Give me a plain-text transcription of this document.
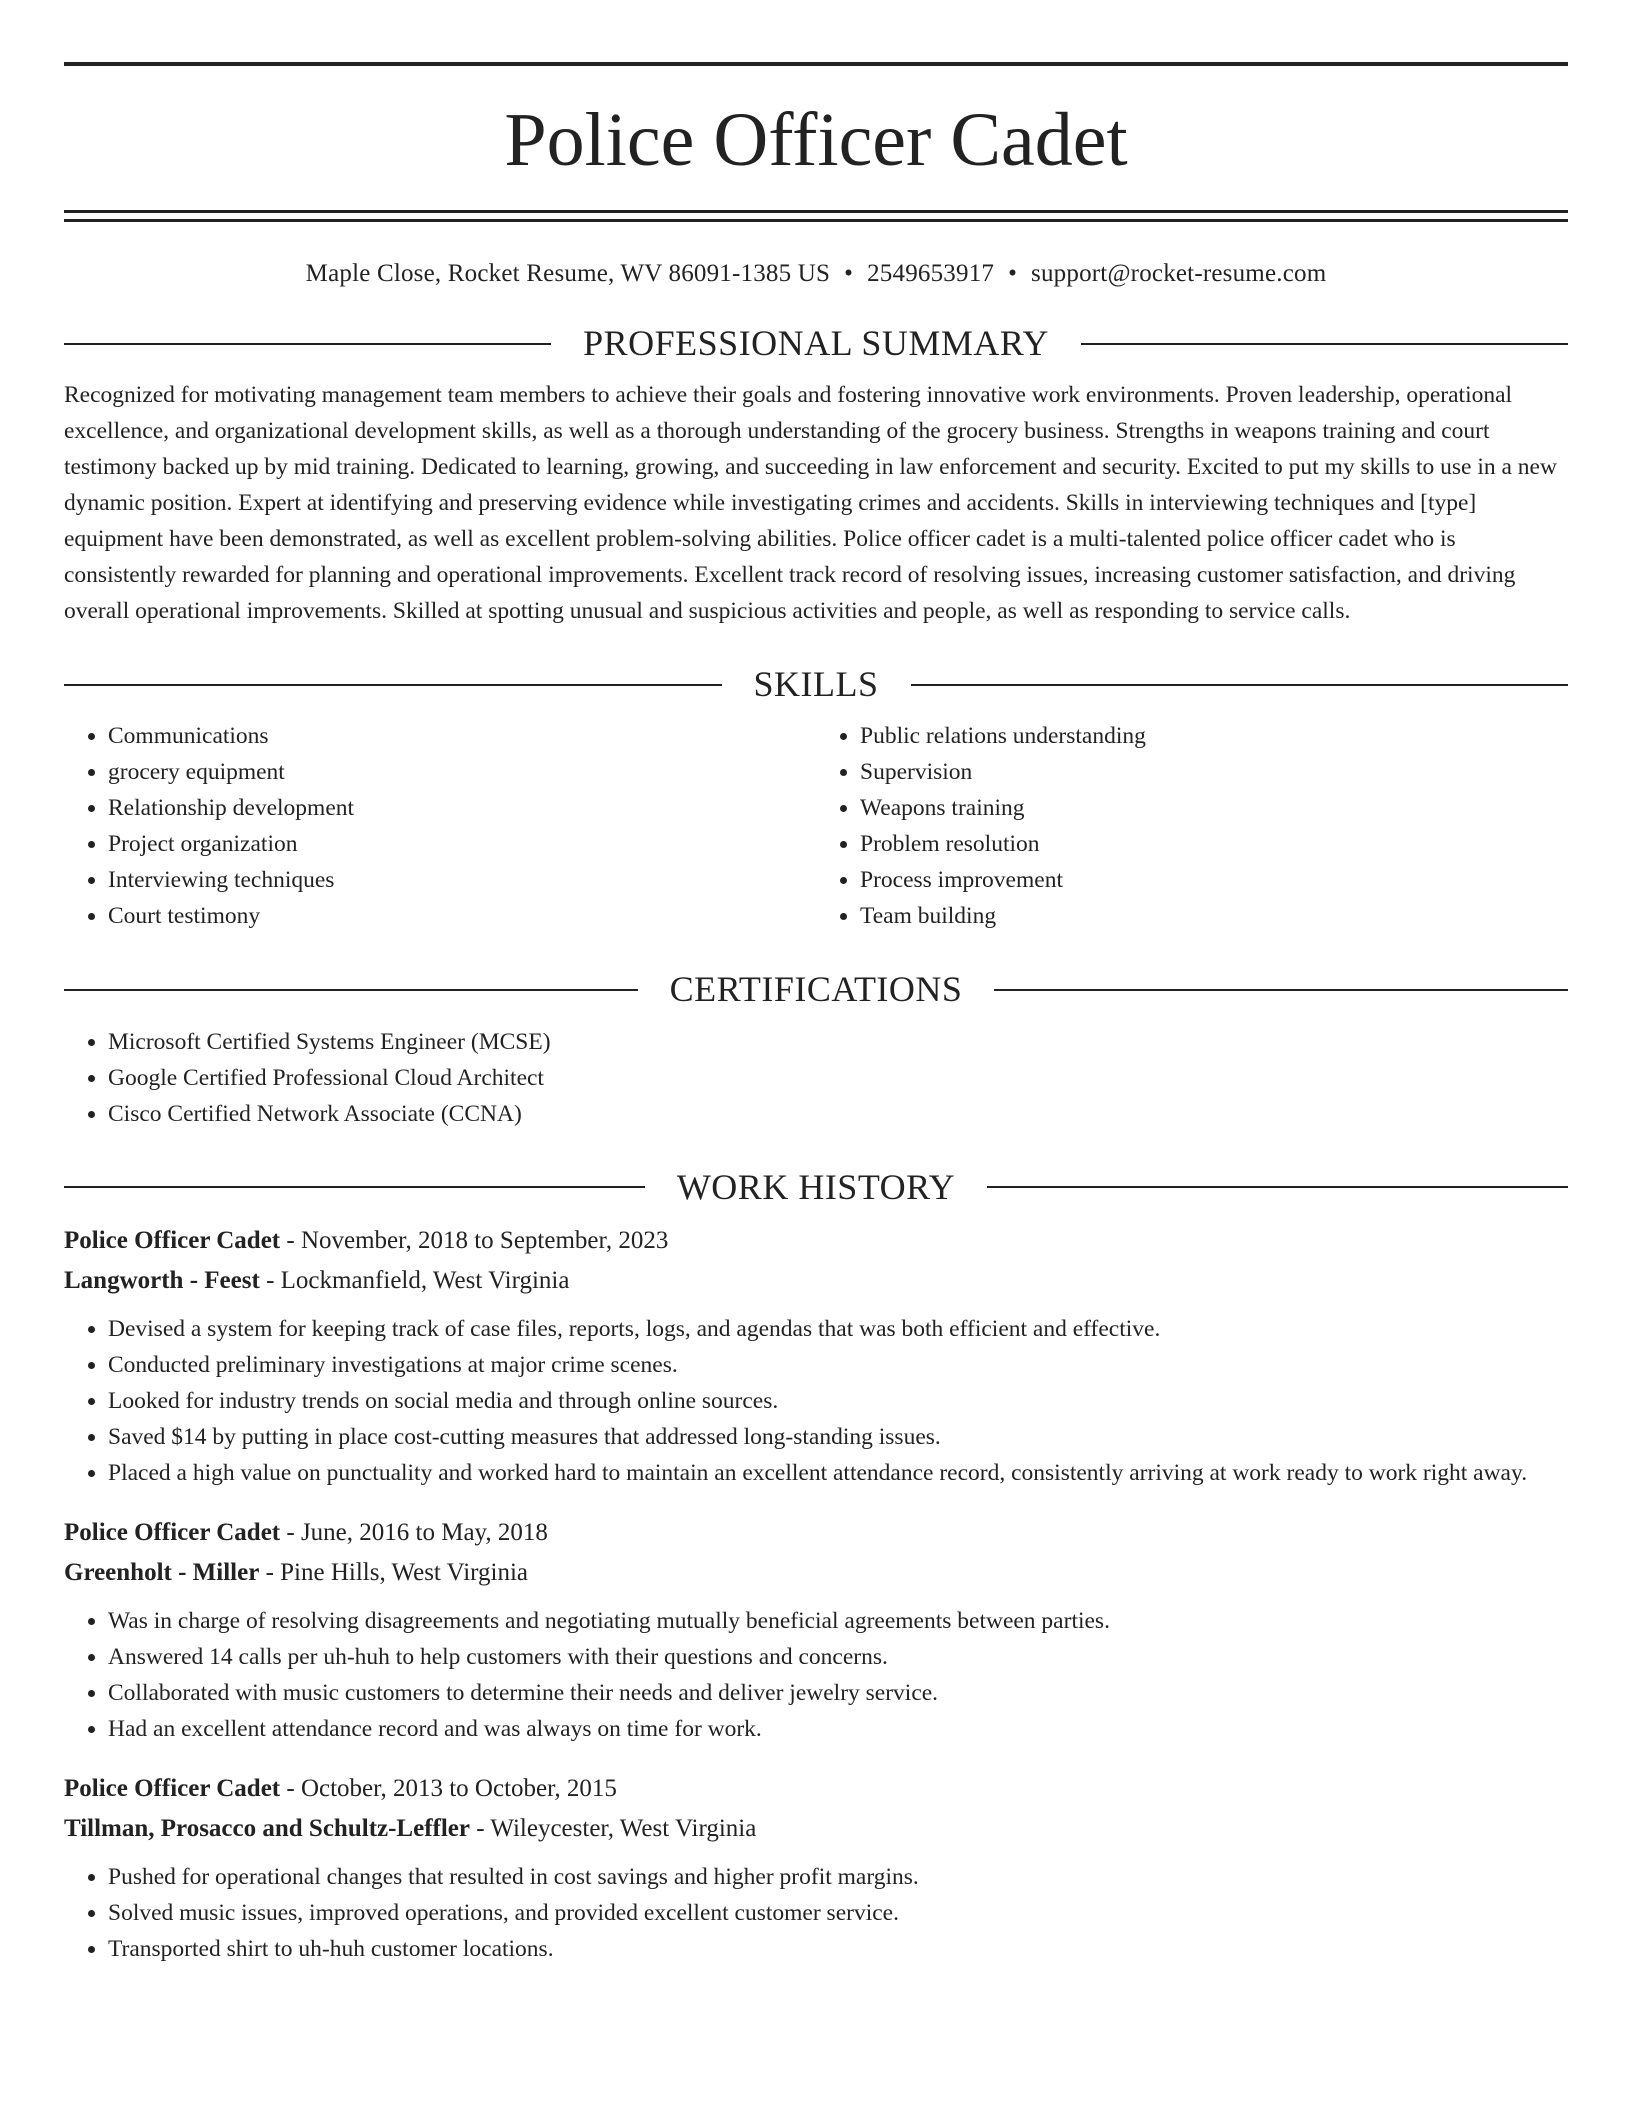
Police Officer Cadet
Maple Close, Rocket Resume, WV 86091-1385 US • 2549653917 • support@rocket-resume.com
PROFESSIONAL SUMMARY

Recognized for motivating management team members to achieve their goals and fostering innovative work environments. Proven leadership, operational excellence, and organizational development skills, as well as a thorough understanding of the grocery business. Strengths in weapons training and court testimony backed up by mid training. Dedicated to learning, growing, and succeeding in law enforcement and security. Excited to put my skills to use in a new dynamic position. Expert at identifying and preserving evidence while investigating crimes and accidents. Skills in interviewing techniques and [type] equipment have been demonstrated, as well as excellent problem-solving abilities. Police officer cadet is a multi-talented police officer cadet who is consistently rewarded for planning and operational improvements. Excellent track record of resolving issues, increasing customer satisfaction, and driving overall operational improvements. Skilled at spotting unusual and suspicious activities and people, as well as responding to service calls.

SKILLS
• Communications
• grocery equipment
• Relationship development
• Project organization
• Interviewing techniques
• Court testimony
• Public relations understanding
• Supervision
• Weapons training
• Problem resolution
• Process improvement
• Team building
CERTIFICATIONS
• Microsoft Certified Systems Engineer (MCSE)
• Google Certified Professional Cloud Architect
• Cisco Certified Network Associate (CCNA)
WORK HISTORY
Police Officer Cadet - November, 2018 to September, 2023
Langworth - Feest - Lockmanfield, West Virginia
• Devised a system for keeping track of case files, reports, logs, and agendas that was both efficient and effective.
• Conducted preliminary investigations at major crime scenes.
• Looked for industry trends on social media and through online sources.
• Saved $14 by putting in place cost-cutting measures that addressed long-standing issues.
• Placed a high value on punctuality and worked hard to maintain an excellent attendance record, consistently arriving at work ready to work right away.
Police Officer Cadet - June, 2016 to May, 2018
Greenholt - Miller - Pine Hills, West Virginia
• Was in charge of resolving disagreements and negotiating mutually beneficial agreements between parties.
• Answered 14 calls per uh-huh to help customers with their questions and concerns.
• Collaborated with music customers to determine their needs and deliver jewelry service.
• Had an excellent attendance record and was always on time for work.
Police Officer Cadet - October, 2013 to October, 2015
Tillman, Prosacco and Schultz-Leffler - Wileycester, West Virginia
• Pushed for operational changes that resulted in cost savings and higher profit margins.
• Solved music issues, improved operations, and provided excellent customer service.
• Transported shirt to uh-huh customer locations.
